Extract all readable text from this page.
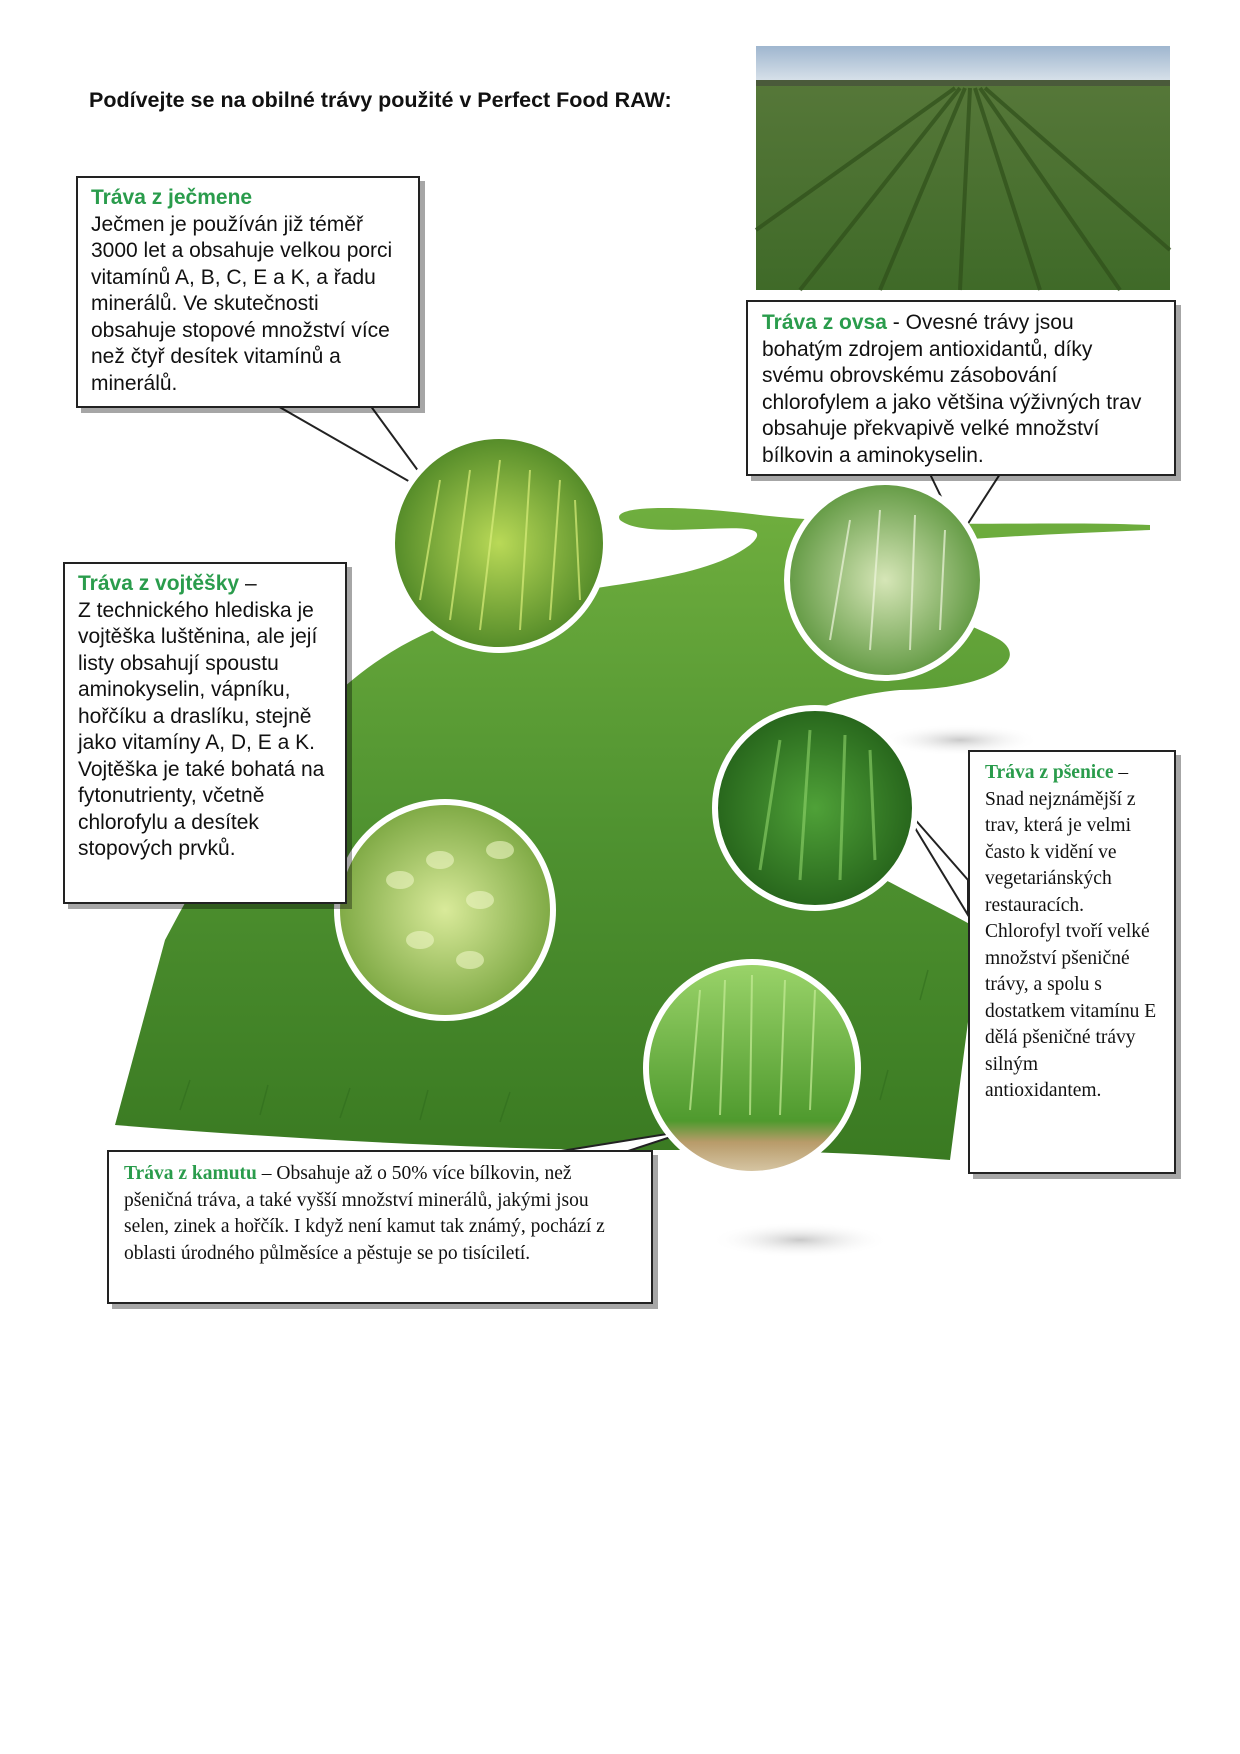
Podívejte se na obilné trávy použité v Perfect Food RAW:
Tráva z ječmene
Ječmen je používán již téměř 3000 let a obsahuje velkou porci vitamínů A, B, C, E a K, a řadu minerálů. Ve skutečnosti obsahuje stopové množství více než čtyř desítek vitamínů a minerálů.
Tráva z ovsa - Ovesné trávy jsou bohatým zdrojem antioxidantů, díky svému obrovskému zásobování chlorofylem a jako většina výživných trav obsahuje překvapivě velké množství bílkovin a aminokyselin.
Tráva z vojtěšky –
Z technického hlediska je vojtěška luštěnina, ale její listy obsahují spoustu aminokyselin, vápníku, hořčíku a draslíku, stejně jako vitamíny A, D, E a K. Vojtěška je také bohatá na fytonutrienty, včetně chlorofylu a desítek stopových prvků.
Tráva z pšenice – Snad nejznámější z trav, která je velmi často k vidění ve vegetariánských restauracích. Chlorofyl tvoří velké množství pšeničné trávy, a spolu s dostatkem vitamínu E dělá pšeničné trávy silným antioxidantem.
Tráva z kamutu – Obsahuje až o 50% více bílkovin, než pšeničná tráva, a také vyšší množství minerálů, jakými jsou selen, zinek a hořčík. I když není kamut tak známý, pochází z oblasti úrodného půlměsíce a pěstuje se po tisíciletí.
